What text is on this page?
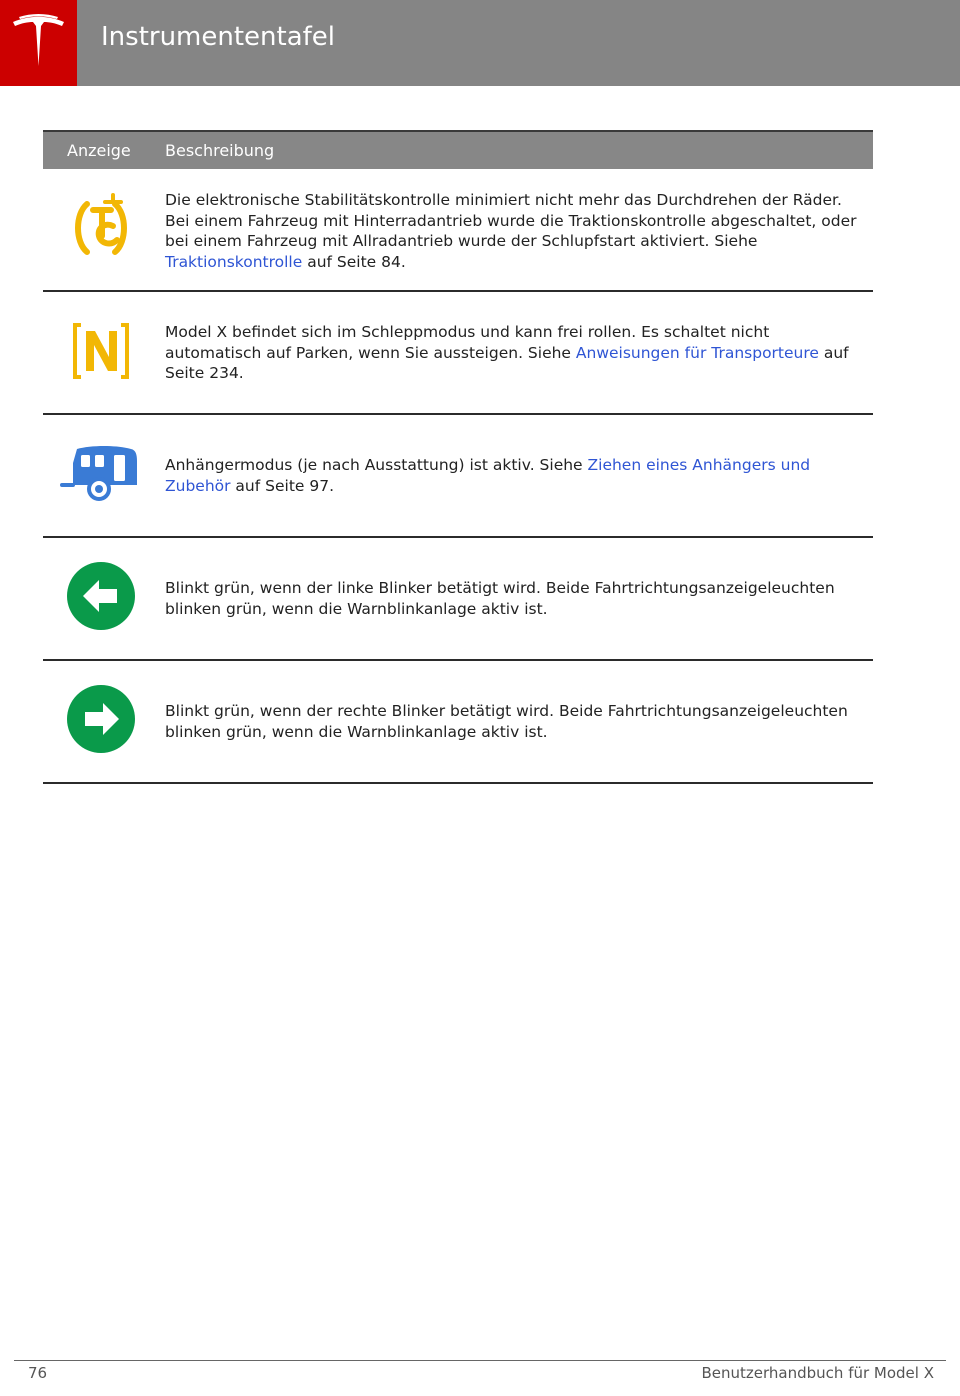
Instrumententafel
Anzeige Beschreibung
Die elektronische Stabilitätskontrolle minimiert nicht mehr das Durchdrehen der Räder. Bei einem Fahrzeug mit Hinterradantrieb wurde die Traktionskontrolle abgeschaltet, oder bei einem Fahrzeug mit Allradantrieb wurde der Schlupfstart aktiviert. Siehe Traktionskontrolle auf Seite 84.
Model X befindet sich im Schleppmodus und kann frei rollen. Es schaltet nicht automatisch auf Parken, wenn Sie aussteigen. Siehe Anweisungen für Transporteure auf Seite 234.
Anhängermodus (je nach Ausstattung) ist aktiv. Siehe Ziehen eines Anhängers und Zubehör auf Seite 97.
Blinkt grün, wenn der linke Blinker betätigt wird. Beide Fahrtrichtungsanzeigeleuchten blinken grün, wenn die Warnblinkanlage aktiv ist.
Blinkt grün, wenn der rechte Blinker betätigt wird. Beide Fahrtrichtungsanzeigeleuchten blinken grün, wenn die Warnblinkanlage aktiv ist.
76	Benutzerhandbuch für Model X
